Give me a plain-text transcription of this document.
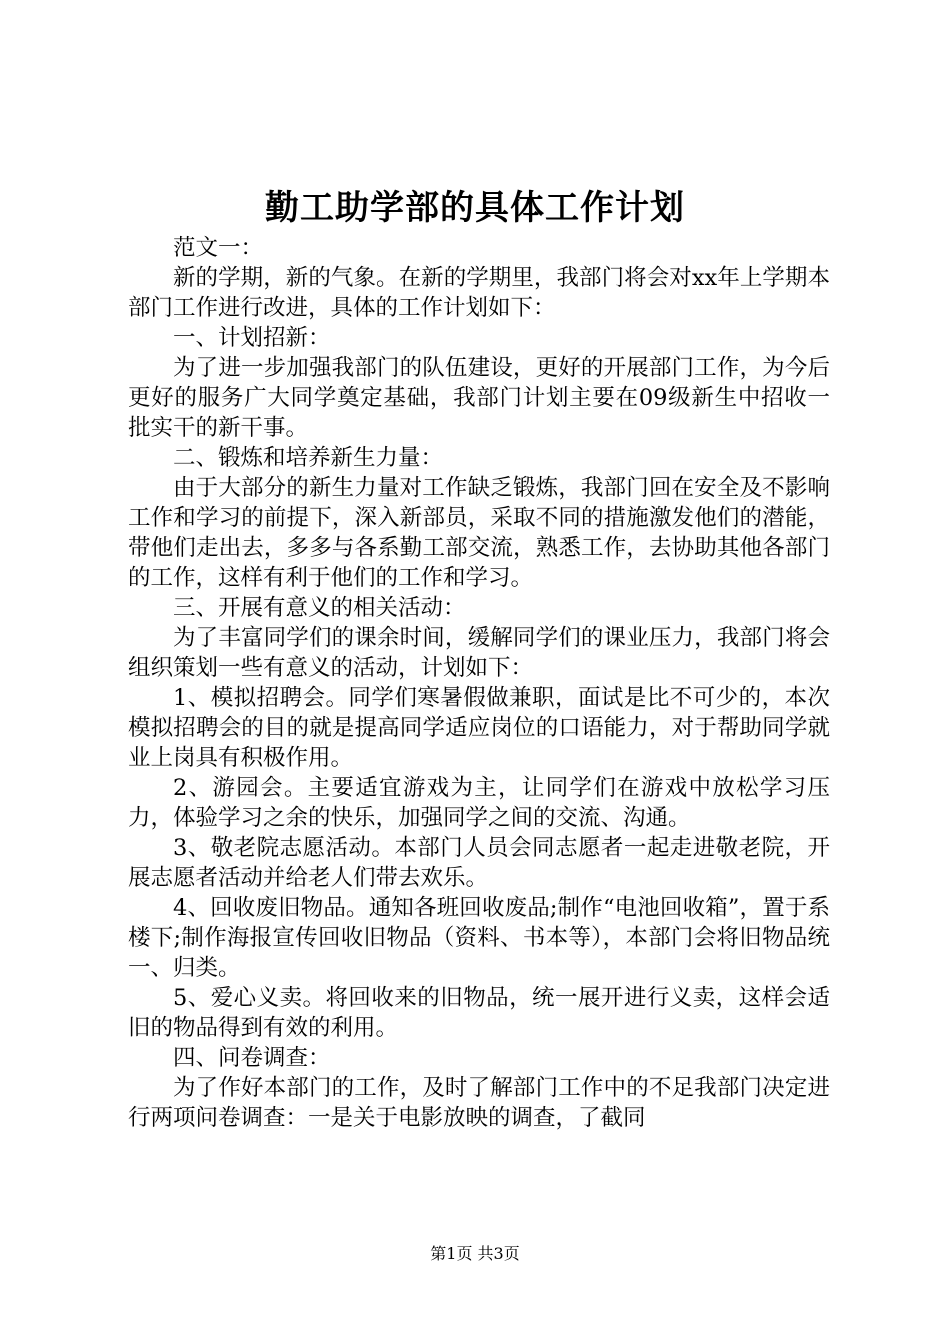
勤工助学部的具体工作计划

范文一：

新的学期，新的气象。在新的学期里，我部门将会对xx年上学期本部门工作进行改进，具体的工作计划如下：

一、计划招新：

为了进一步加强我部门的队伍建设，更好的开展部门工作，为今后更好的服务广大同学奠定基础，我部门计划主要在09级新生中招收一批实干的新干事。

二、锻炼和培养新生力量：

由于大部分的新生力量对工作缺乏锻炼，我部门回在安全及不影响工作和学习的前提下，深入新部员，采取不同的措施激发他们的潜能，带他们走出去，多多与各系勤工部交流，熟悉工作，去协助其他各部门的工作，这样有利于他们的工作和学习。

三、开展有意义的相关活动：

为了丰富同学们的课余时间，缓解同学们的课业压力，我部门将会组织策划一些有意义的活动，计划如下：

1、模拟招聘会。同学们寒暑假做兼职，面试是比不可少的，本次模拟招聘会的目的就是提高同学适应岗位的口语能力，对于帮助同学就业上岗具有积极作用。

2、游园会。主要适宜游戏为主，让同学们在游戏中放松学习压力，体验学习之余的快乐，加强同学之间的交流、沟通。

3、敬老院志愿活动。本部门人员会同志愿者一起走进敬老院，开展志愿者活动并给老人们带去欢乐。

4、回收废旧物品。通知各班回收废品;制作“电池回收箱”，置于系楼下;制作海报宣传回收旧物品（资料、书本等），本部门会将旧物品统一、归类。

5、爱心义卖。将回收来的旧物品，统一展开进行义卖，这样会适旧的物品得到有效的利用。

四、问卷调查：

为了作好本部门的工作，及时了解部门工作中的不足我部门决定进行两项问卷调查：一是关于电影放映的调查，了截同

第1页 共3页
